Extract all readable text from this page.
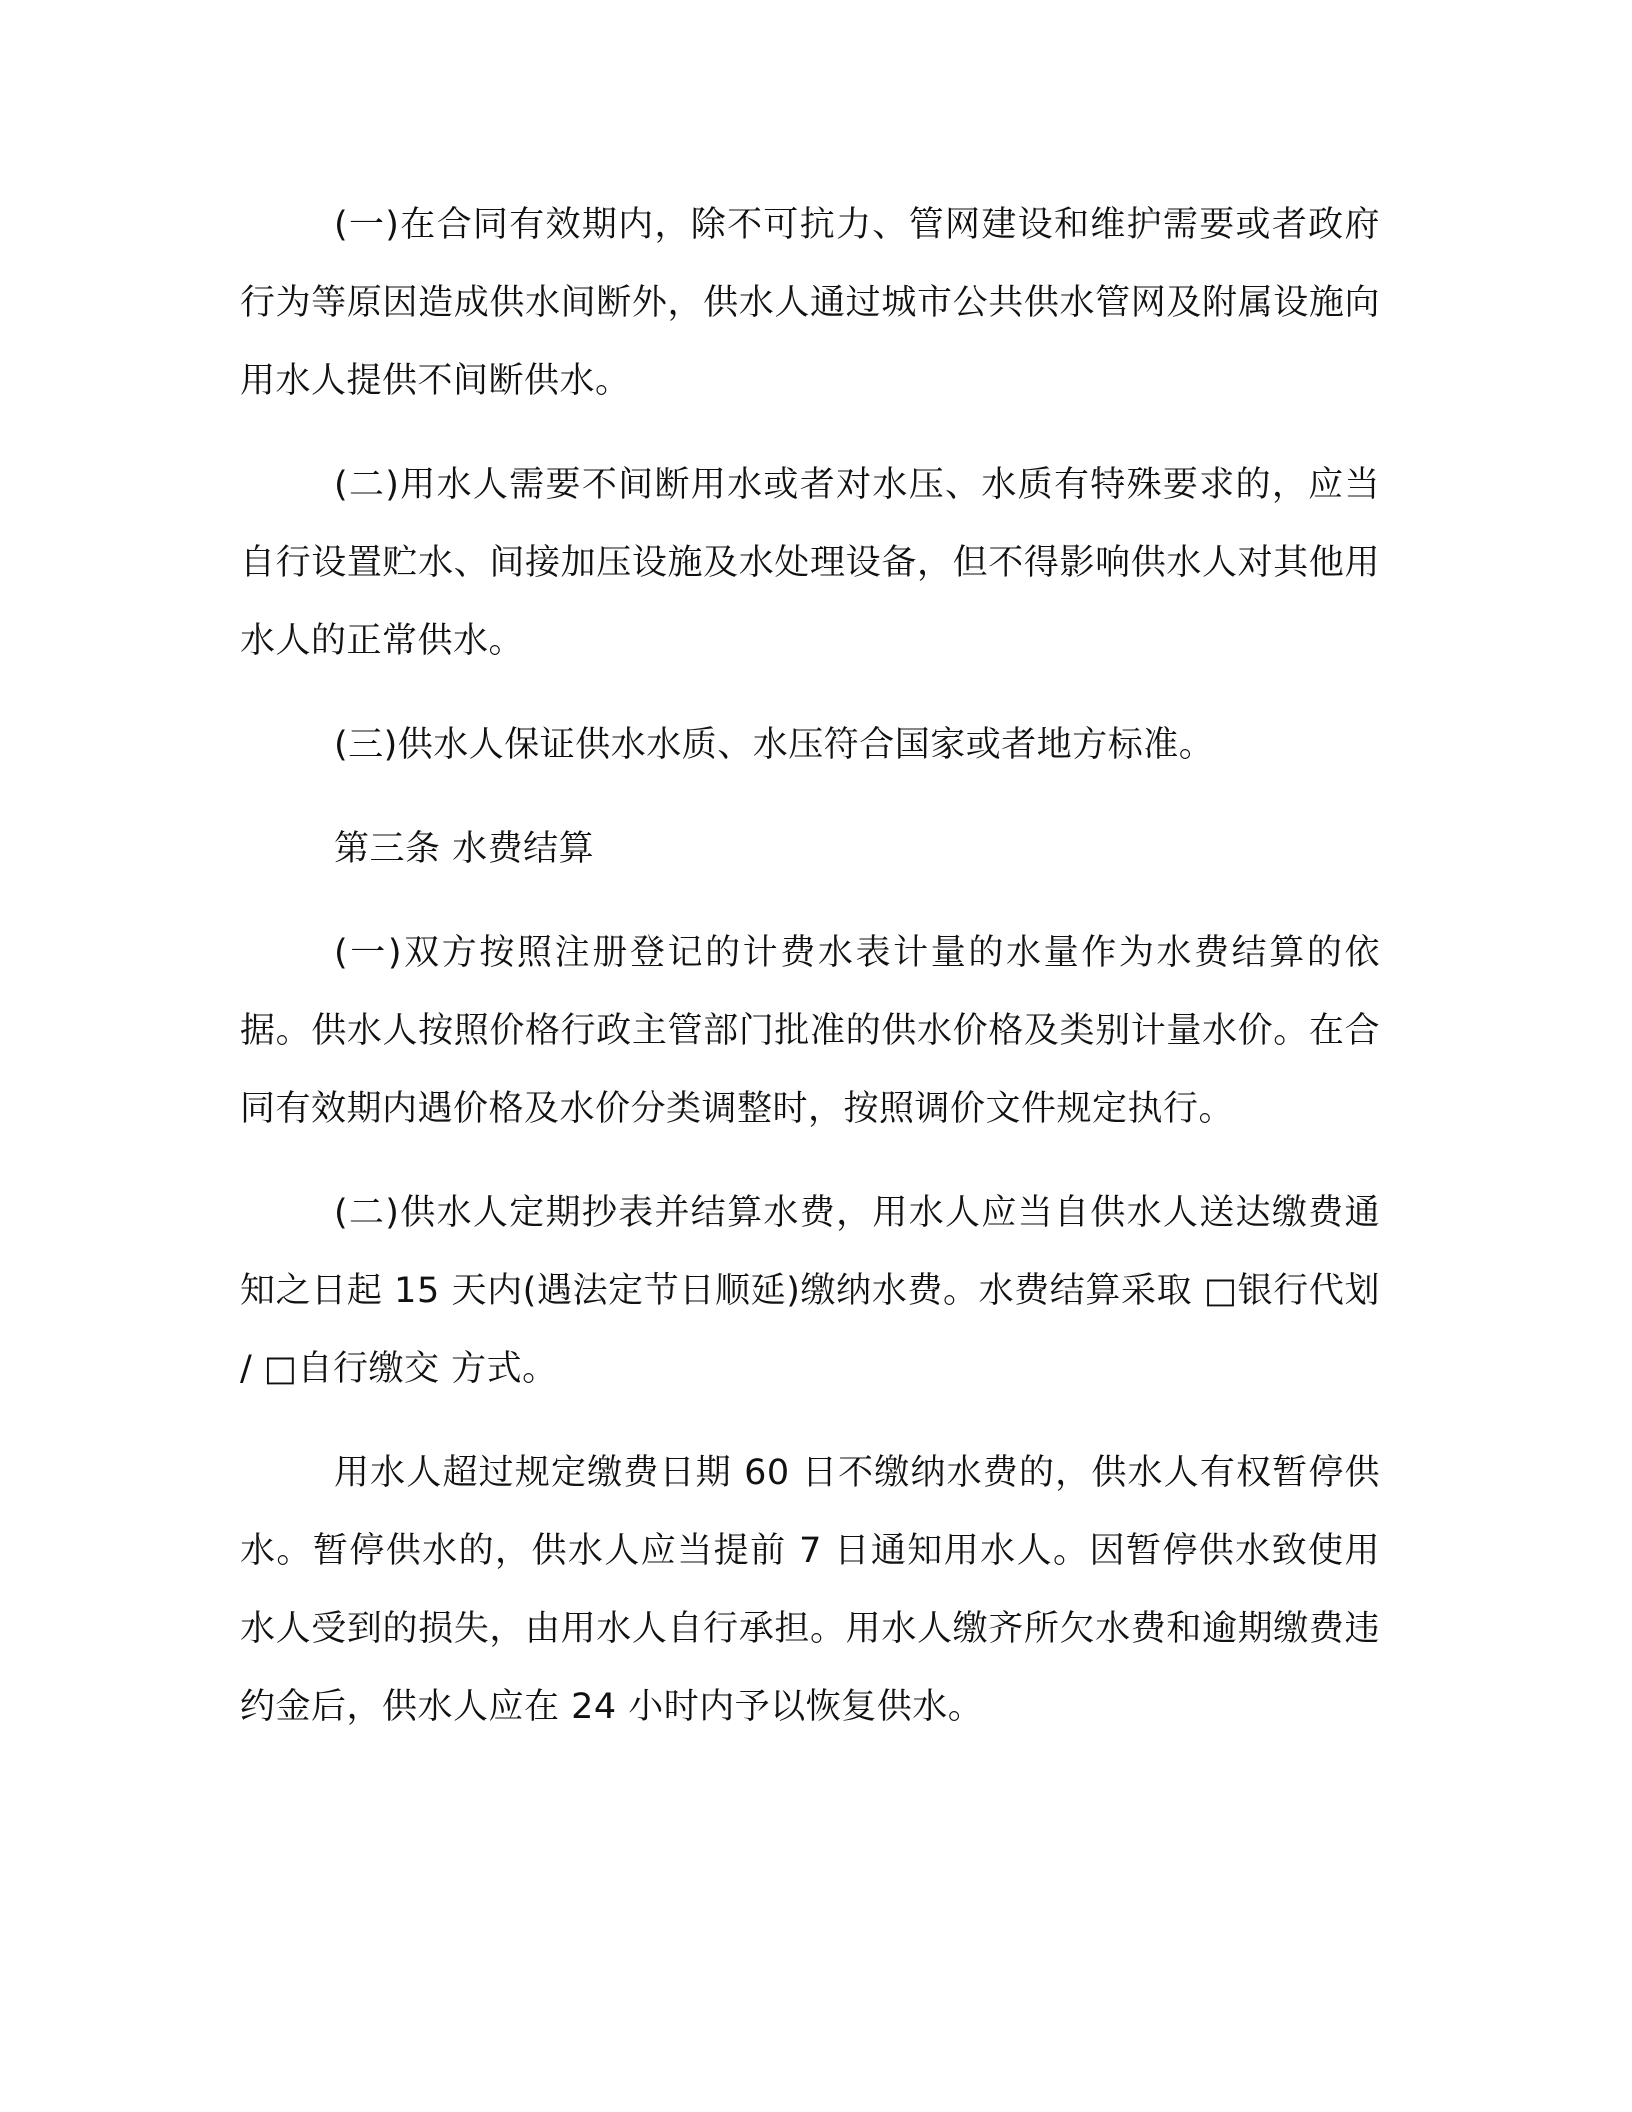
(一)在合同有效期内，除不可抗力、管网建设和维护需要或者政府行为等原因造成供水间断外，供水人通过城市公共供水管网及附属设施向用水人提供不间断供水。

(二)用水人需要不间断用水或者对水压、水质有特殊要求的，应当自行设置贮水、间接加压设施及水处理设备，但不得影响供水人对其他用水人的正常供水。

(三)供水人保证供水水质、水压符合国家或者地方标准。

第三条 水费结算

(一)双方按照注册登记的计费水表计量的水量作为水费结算的依据。供水人按照价格行政主管部门批准的供水价格及类别计量水价。在合同有效期内遇价格及水价分类调整时，按照调价文件规定执行。

(二)供水人定期抄表并结算水费，用水人应当自供水人送达缴费通知之日起 15 天内(遇法定节日顺延)缴纳水费。水费结算采取 □银行代划 / □自行缴交 方式。

用水人超过规定缴费日期 60 日不缴纳水费的，供水人有权暂停供水。暂停供水的，供水人应当提前 7 日通知用水人。因暂停供水致使用水人受到的损失，由用水人自行承担。用水人缴齐所欠水费和逾期缴费违约金后，供水人应在 24 小时内予以恢复供水。
